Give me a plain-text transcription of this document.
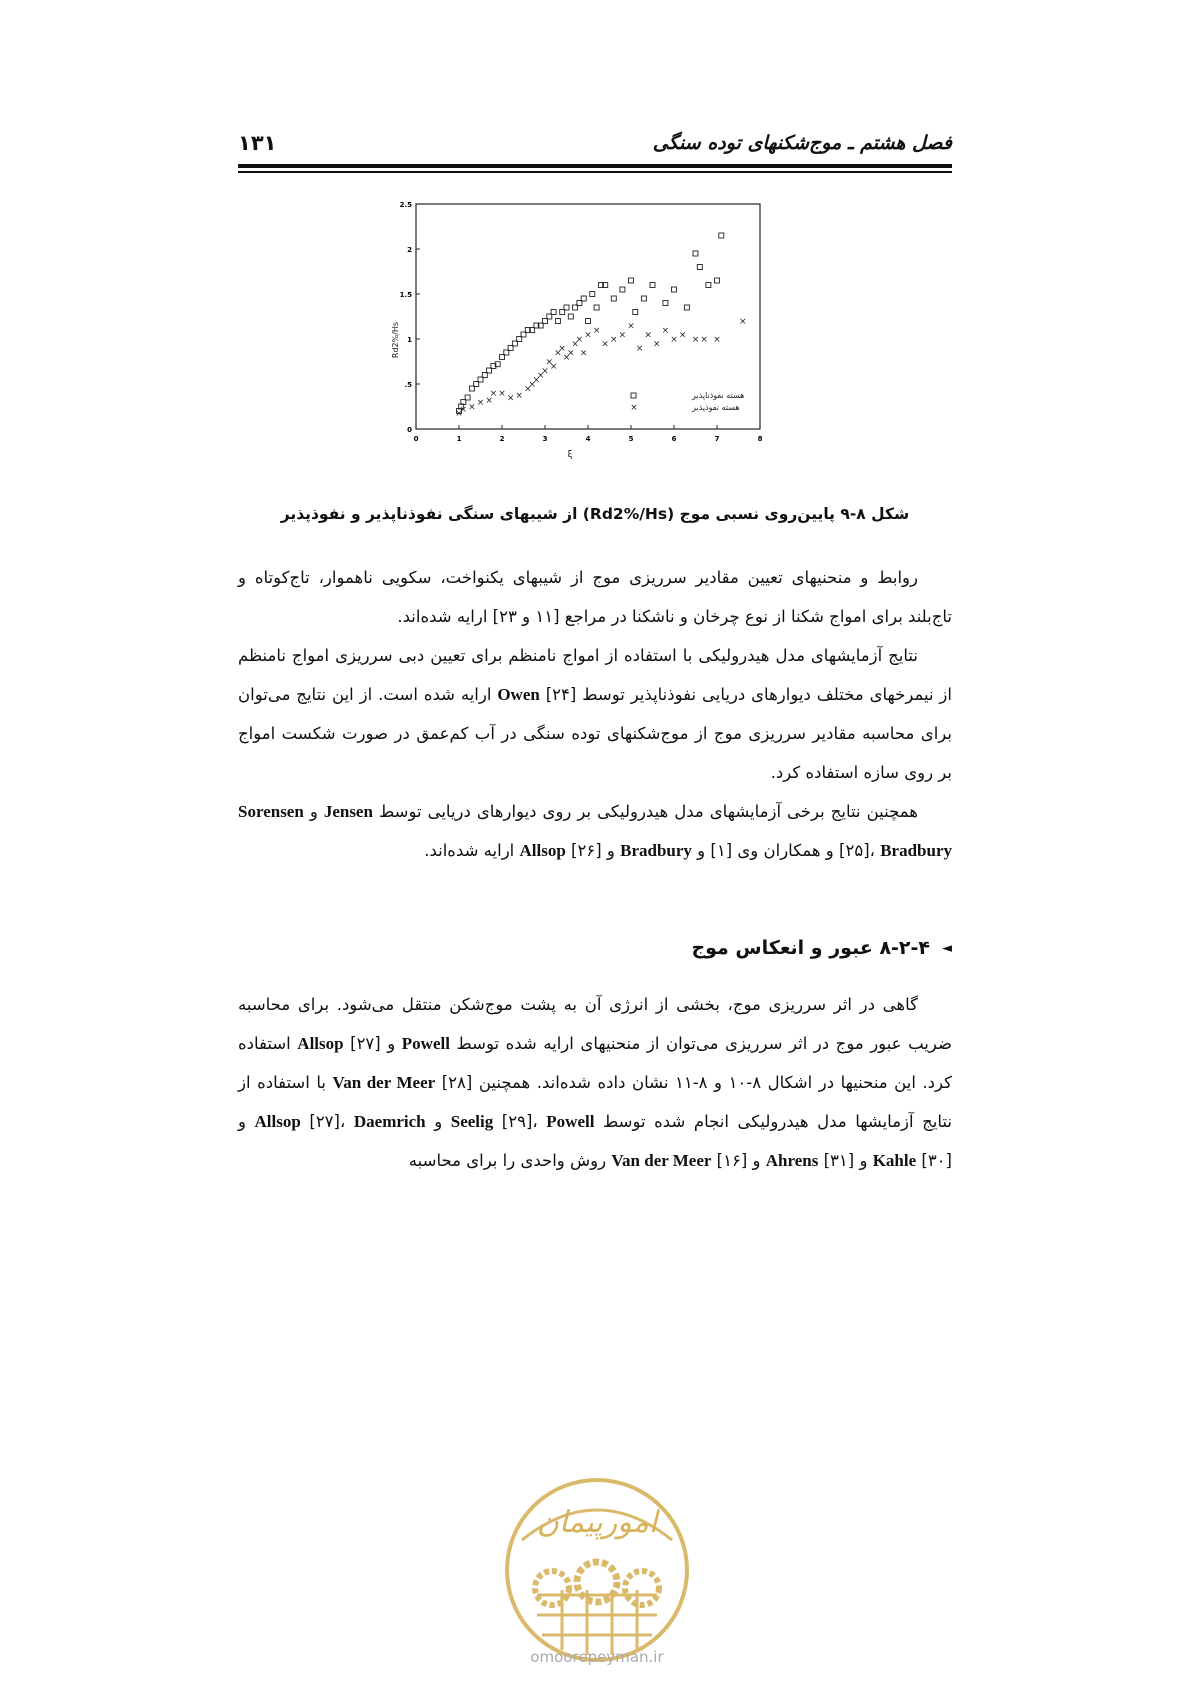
۱۳۱	فصل هشتم ـ موج‌شکنهای توده سنگی
0	1	2	3	4	5	6	7	8
0
.5
1
1.5
2
2.5
×
× × × ×
× × × ×
×
×
×
×
×
×
×
×
×
×
×
×
×
×
× ×
× × ×
×
×
×
×
×
× × × × ×
×
Rd2%/Hs
ξ
هسته نفوذناپذیر
×	هسته نفوذپذیر
شکل ۸-۹ پایین‌روی نسبی موج (Rd2%/Hs) از شیبهای سنگی نفوذناپذیر و نفوذپذیر

روابط و منحنیهای تعیین مقادیر سرریزی موج از شیبهای یکنواخت، سکویی ناهموار، تاج‌کوتاه و تاج‌بلند برای امواج شکنا از نوع چرخان و ناشکنا در مراجع [۱۱ و ۲۳] ارایه شده‌اند.

نتایج آزمایشهای مدل هیدرولیکی با استفاده از امواج نامنظم برای تعیین دبی سرریزی امواج نامنظم از نیمرخهای مختلف دیوارهای دریایی نفوذناپذیر توسط Owen [۲۴] ارایه شده است. از این نتایج می‌توان برای محاسبه مقادیر سرریزی موج از موج‌شکنهای توده سنگی در آب کم‌عمق در صورت شکست امواج بر روی سازه استفاده کرد.

همچنین نتایج برخی آزمایشهای مدل هیدرولیکی بر روی دیوارهای دریایی توسط Jensen و Sorensen [۲۵]، Bradbury و همکاران وی [۱] و Bradbury و Allsop [۲۶] ارایه شده‌اند.

◄
۸-۲-۴ عبور و انعکاس موج

گاهی در اثر سرریزی موج، بخشی از انرژی آن به پشت موج‌شکن منتقل می‌شود. برای محاسبه ضریب عبور موج در اثر سرریزی می‌توان از منحنیهای ارایه شده توسط Powell و Allsop [۲۷] استفاده کرد. این منحنیها در اشکال ۸-۱۰ و ۸-۱۱ نشان داده شده‌اند. همچنین Van der Meer [۲۸] با استفاده از نتایج آزمایشها مدل هیدرولیکی انجام شده توسط Seelig [۲۹]، Powell و Allsop [۲۷]، Daemrich و Kahle [۳۰] و Ahrens [۳۱] و Van der Meer [۱۶] روش واحدی را برای محاسبه

امورپیمان
omoorepeyman.ir
